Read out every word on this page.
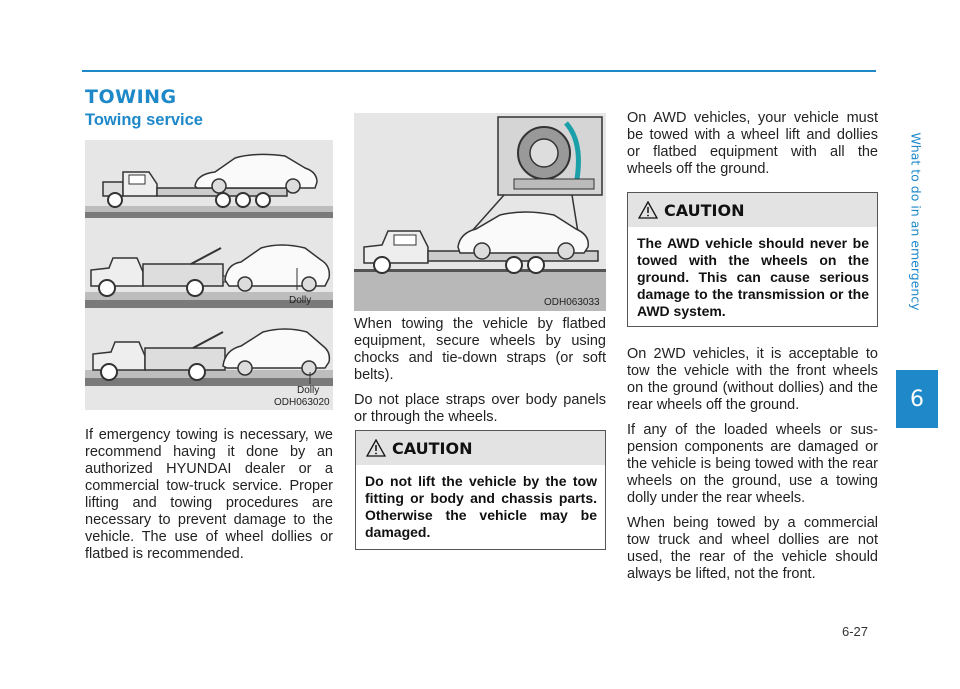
TOWING
Towing service
What to do in an emergency
6
Dolly
Dolly
ODH063020
ODH063033

If emergency towing is necessary, we recommend having it done by an authorized HYUNDAI dealer or a commercial tow-truck service. Proper lifting and towing procedures are necessary to prevent damage to the vehicle. The use of wheel dollies or flatbed is recommended.

When towing the vehicle by flatbed equipment, secure wheels by using chocks and tie-down straps (or soft belts).

Do not place straps over body panels or through the wheels.

CAUTION
Do not lift the vehicle by the tow fitting or body and chassis parts. Otherwise the vehicle may be damaged.

On AWD vehicles, your vehicle must be towed with a wheel lift and dollies or flatbed equipment with all the wheels off the ground.

CAUTION
The AWD vehicle should never be towed with the wheels on the ground. This can cause serious damage to the transmission or the AWD system.

On 2WD vehicles, it is acceptable to tow the vehicle with the front wheels on the ground (without dollies) and the rear wheels off the ground.

If any of the loaded wheels or sus-pension components are damaged or the vehicle is being towed with the rear wheels on the ground, use a towing dolly under the rear wheels.

When being towed by a commercial tow truck and wheel dollies are not used, the rear of the vehicle should always be lifted, not the front.

6-27
